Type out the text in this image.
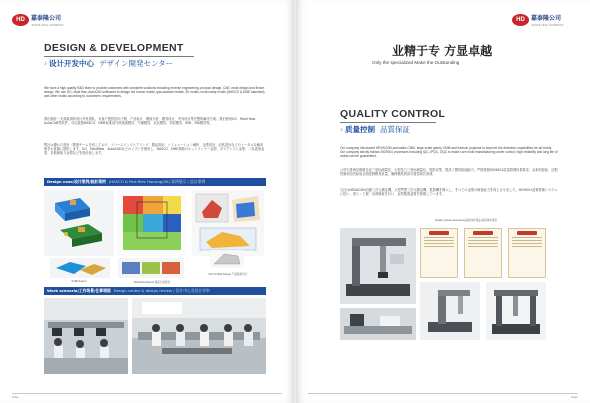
HD	嘉泰隆公司
JIATAILONG COMPANY
DESIGN & DEVELOPMENT
› 设计开发中心 デザイン開発センター
We have a high quality R&D team to provide customers with complete solutions including reverse engineering, product design, CAE, mold design and fixture design. We use UG, Mold flow, AutoCAD softwares to design hot runner molds, gas-assisted molds, 2K molds, multi-cavity molds (HASCO & DME standard), and other molds according to customers' requirements.
我们拥有一支高素质的设计开发团队，为客户提供逆向工程、产品设计、模流分析、模具设计、夹具设计等完整的解决方案。我们使用UG、Mold flow、AutoCAD等软件，可以按照HASCO、DME标准设计热流道模具、气辅模具、双色模具、多腔模具、IMD、INS模具等。
弊社は優れた設計・開発チームを有しており、リバースエンジニアリング、製品設計、シミュレーション解析、金型設計、治具設計などのトータルな解決策をお客様に提供します。UG、Moldflow、AutoCADなどのソフトを使用し、HASCO、DME規格のホットランナー金型、ガスアシスト金型、二色成形金型、多数個取り金型などを設計致します。
Design case/设计案例/設計案例 (HASCO & Part files Housing/2K) 案例展示 / 設計事例
STEP Export	Mold Flow Report 模流分析报告
Part & Mold Design 产品模具设计
Work scenario/工作场景/仕事場面 Design center & design review / 设计中心及设计评审
Page
HD	嘉泰隆公司
JIATAILONG COMPANY
业精于专 方显卓越
Only the specialized Make the Outstanding
QUALITY CONTROL
› 质量控制 品質保証
Our company introduced HEXAGON automatic CMM, large scale gantry CMM and Keeson projector to improve the detection capabilities for all molds. Our company strictly follows ISO9001 processes including IQC, IPQC, OQC to make sure mold manufacturing under control; high reliability and long life of molds can be guaranteed.
公司引进海克斯康自动三坐标测量仪、大型龙门三坐标测量仪、投影仪等，提高了模具检测能力。严格按照ISO9001质量管理体系要求，从来料检验、过程控制到出货检验全面控制模具质量，确保模具的高可靠性和长寿命。
当社はHEXAGON自動三次元測定機、大型門型三次元測定機、投影機を導入し、すべての金型の検査能力を向上させました。ISO9001品質管理システムに従い、受入・工程・出荷検査を行い、金型製造品質を管理しています。
Quality system assurance/品质体系保证/品質体系保証
Page
